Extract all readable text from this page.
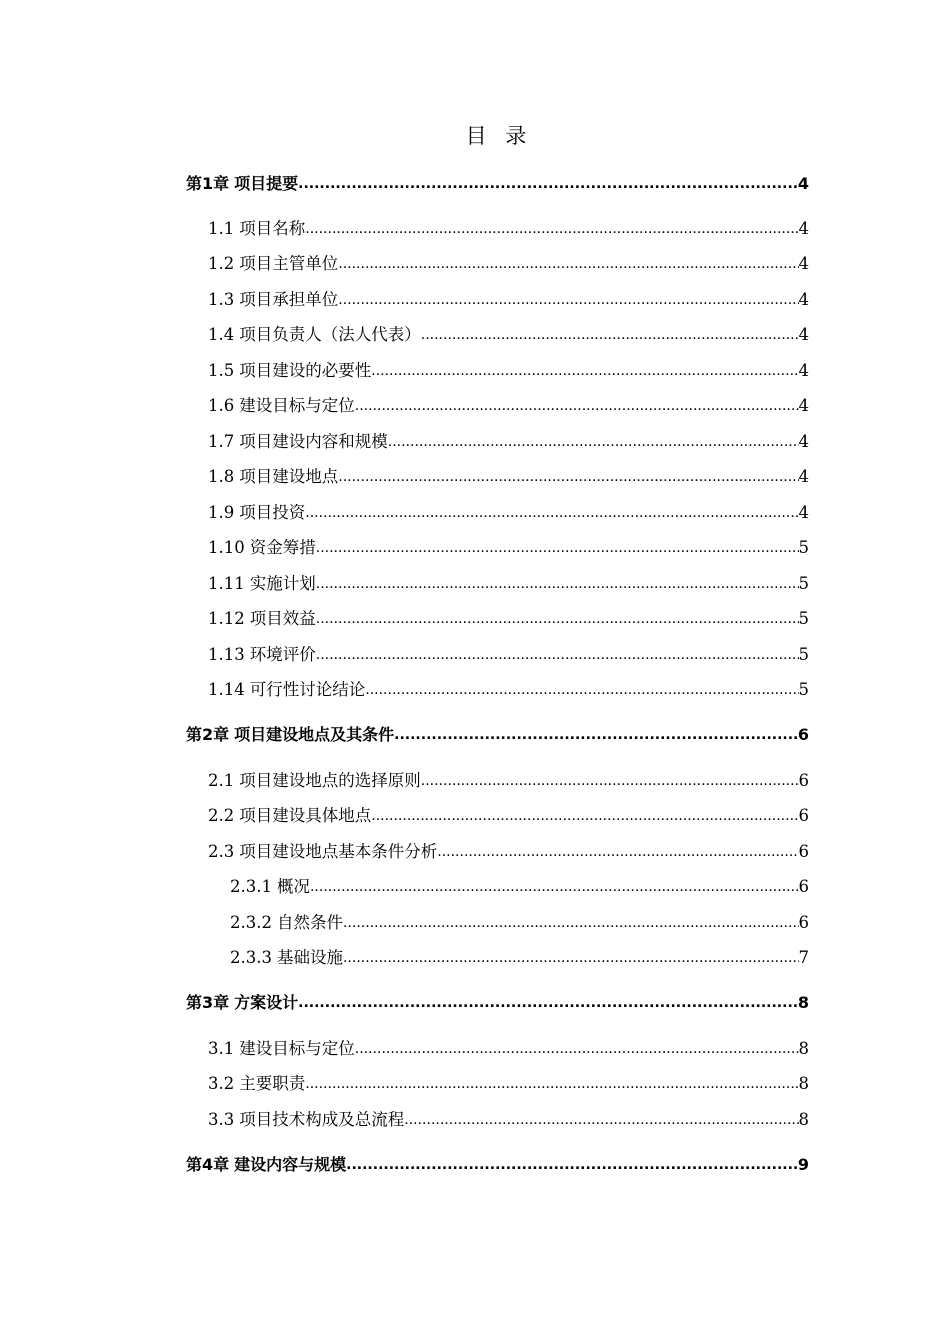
目 录
第1章 项目提要 .....	4
1.1 项目名称 .....	4
1.2 项目主管单位 .....	4
1.3 项目承担单位 .....	4
1.4 项目负责人（法人代表） .....	4
1.5 项目建设的必要性 .....	4
1.6 建设目标与定位 .....	4
1.7 项目建设内容和规模 .....	4
1.8 项目建设地点 .....	4
1.9 项目投资 .....	4
1.10 资金筹措 .....	5
1.11 实施计划 .....	5
1.12 项目效益 .....	5
1.13 环境评价 .....	5
1.14 可行性讨论结论 .....	5
第2章 项目建设地点及其条件 .....	6
2.1 项目建设地点的选择原则 .....	6
2.2 项目建设具体地点 .....	6
2.3 项目建设地点基本条件分析 .....	6
2.3.1 概况 .....	6
2.3.2 自然条件 .....	6
2.3.3 基础设施 .....	7
第3章 方案设计 .....	8
3.1 建设目标与定位 .....	8
3.2 主要职责 .....	8
3.3 项目技术构成及总流程 .....	8
第4章 建设内容与规模 .....	9
